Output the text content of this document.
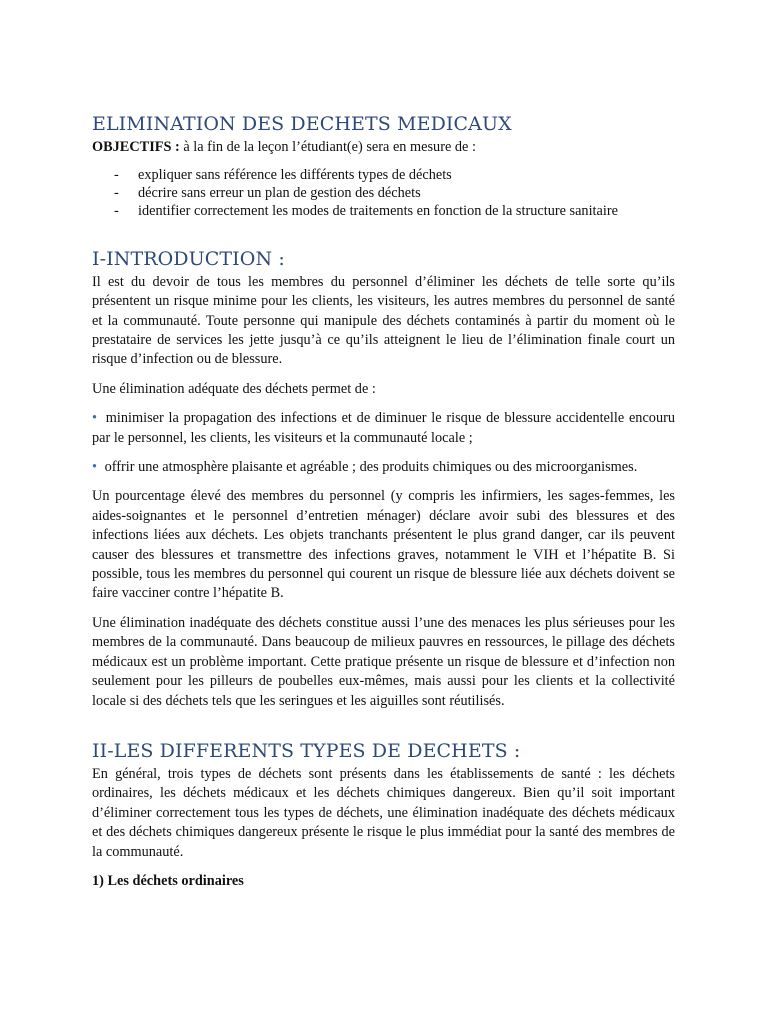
ELIMINATION DES DECHETS MEDICAUX

OBJECTIFS : à la fin de la leçon l’étudiant(e) sera en mesure de :

- expliquer sans référence les différents types de déchets
- décrire sans erreur un plan de gestion des déchets
- identifier correctement les modes de traitements en fonction de la structure sanitaire
I-INTRODUCTION :

Il est du devoir de tous les membres du personnel d’éliminer les déchets de telle sorte qu’ils présentent un risque minime pour les clients, les visiteurs, les autres membres du personnel de santé et la communauté. Toute personne qui manipule des déchets contaminés à partir du moment où le prestataire de services les jette jusqu’à ce qu’ils atteignent le lieu de l’élimination finale court un risque d’infection ou de blessure.

Une élimination adéquate des déchets permet de :

• minimiser la propagation des infections et de diminuer le risque de blessure accidentelle encouru par le personnel, les clients, les visiteurs et la communauté locale ;

• offrir une atmosphère plaisante et agréable ; des produits chimiques ou des microorganismes.

Un pourcentage élevé des membres du personnel (y compris les infirmiers, les sages-femmes, les aides-soignantes et le personnel d’entretien ménager) déclare avoir subi des blessures et des infections liées aux déchets. Les objets tranchants présentent le plus grand danger, car ils peuvent causer des blessures et transmettre des infections graves, notamment le VIH et l’hépatite B. Si possible, tous les membres du personnel qui courent un risque de blessure liée aux déchets doivent se faire vacciner contre l’hépatite B.

Une élimination inadéquate des déchets constitue aussi l’une des menaces les plus sérieuses pour les membres de la communauté. Dans beaucoup de milieux pauvres en ressources, le pillage des déchets médicaux est un problème important. Cette pratique présente un risque de blessure et d’infection non seulement pour les pilleurs de poubelles eux-mêmes, mais aussi pour les clients et la collectivité locale si des déchets tels que les seringues et les aiguilles sont réutilisés.

II-LES DIFFERENTS TYPES DE DECHETS :

En général, trois types de déchets sont présents dans les établissements de santé : les déchets ordinaires, les déchets médicaux et les déchets chimiques dangereux. Bien qu’il soit important d’éliminer correctement tous les types de déchets, une élimination inadéquate des déchets médicaux et des déchets chimiques dangereux présente le risque le plus immédiat pour la santé des membres de la communauté.

1) Les déchets ordinaires
